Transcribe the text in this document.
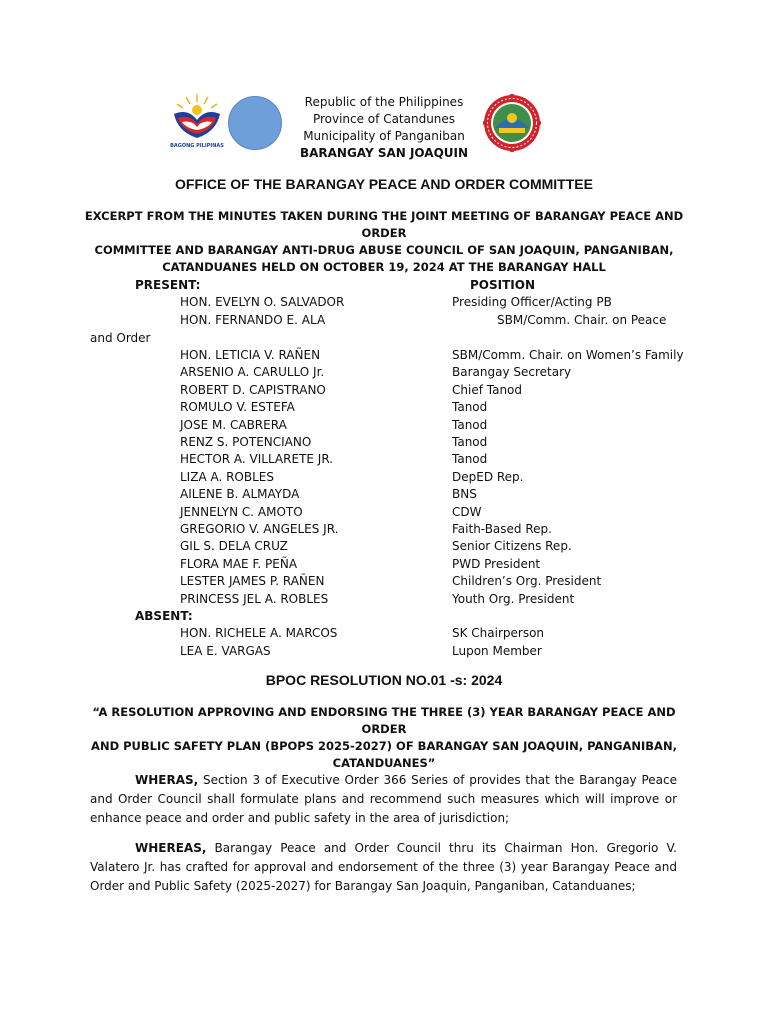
BAGONG PILIPINAS
Republic of the Philippines
Province of Catandunes
Municipality of Panganiban
BARANGAY SAN JOAQUIN
OFFICE OF THE BARANGAY PEACE AND ORDER COMMITTEE
EXCERPT FROM THE MINUTES TAKEN DURING THE JOINT MEETING OF BARANGAY PEACE AND ORDER
COMMITTEE AND BARANGAY ANTI-DRUG ABUSE COUNCIL OF SAN JOAQUIN, PANGANIBAN,
CATANDUANES HELD ON OCTOBER 19, 2024 AT THE BARANGAY HALL
PRESENT:	POSITION
HON. EVELYN O. SALVADOR	Presiding Officer/Acting PB
HON. FERNANDO E. ALA	SBM/Comm. Chair. on Peace
and Order
HON. LETICIA V. RAÑEN	SBM/Comm. Chair. on Women’s Family
ARSENIO A. CARULLO Jr.	Barangay Secretary
ROBERT D. CAPISTRANO	Chief Tanod
ROMULO V. ESTEFA	Tanod
JOSE M. CABRERA	Tanod
RENZ S. POTENCIANO	Tanod
HECTOR A. VILLARETE JR.	Tanod
LIZA A. ROBLES	DepED Rep.
AILENE B. ALMAYDA	BNS
JENNELYN C. AMOTO	CDW
GREGORIO V. ANGELES JR.	Faith-Based Rep.
GIL S. DELA CRUZ	Senior Citizens Rep.
FLORA MAE F. PEÑA	PWD President
LESTER JAMES P. RAÑEN	Children’s Org. President
PRINCESS JEL A. ROBLES	Youth Org. President
ABSENT:
HON. RICHELE A. MARCOS	SK Chairperson
LEA E. VARGAS	Lupon Member
BPOC RESOLUTION NO.01 -s: 2024
“A RESOLUTION APPROVING AND ENDORSING THE THREE (3) YEAR BARANGAY PEACE AND ORDER
AND PUBLIC SAFETY PLAN (BPOPS 2025-2027) OF BARANGAY SAN JOAQUIN, PANGANIBAN,
CATANDUANES”
WHERAS, Section 3 of Executive Order 366 Series of provides that the Barangay Peace and Order Council shall formulate plans and recommend such measures which will improve or enhance peace and order and public safety in the area of jurisdiction;
WHEREAS, Barangay Peace and Order Council thru its Chairman Hon. Gregorio V. Valatero Jr. has crafted for approval and endorsement of the three (3) year Barangay Peace and Order and Public Safety (2025-2027) for Barangay San Joaquin, Panganiban, Catanduanes;
